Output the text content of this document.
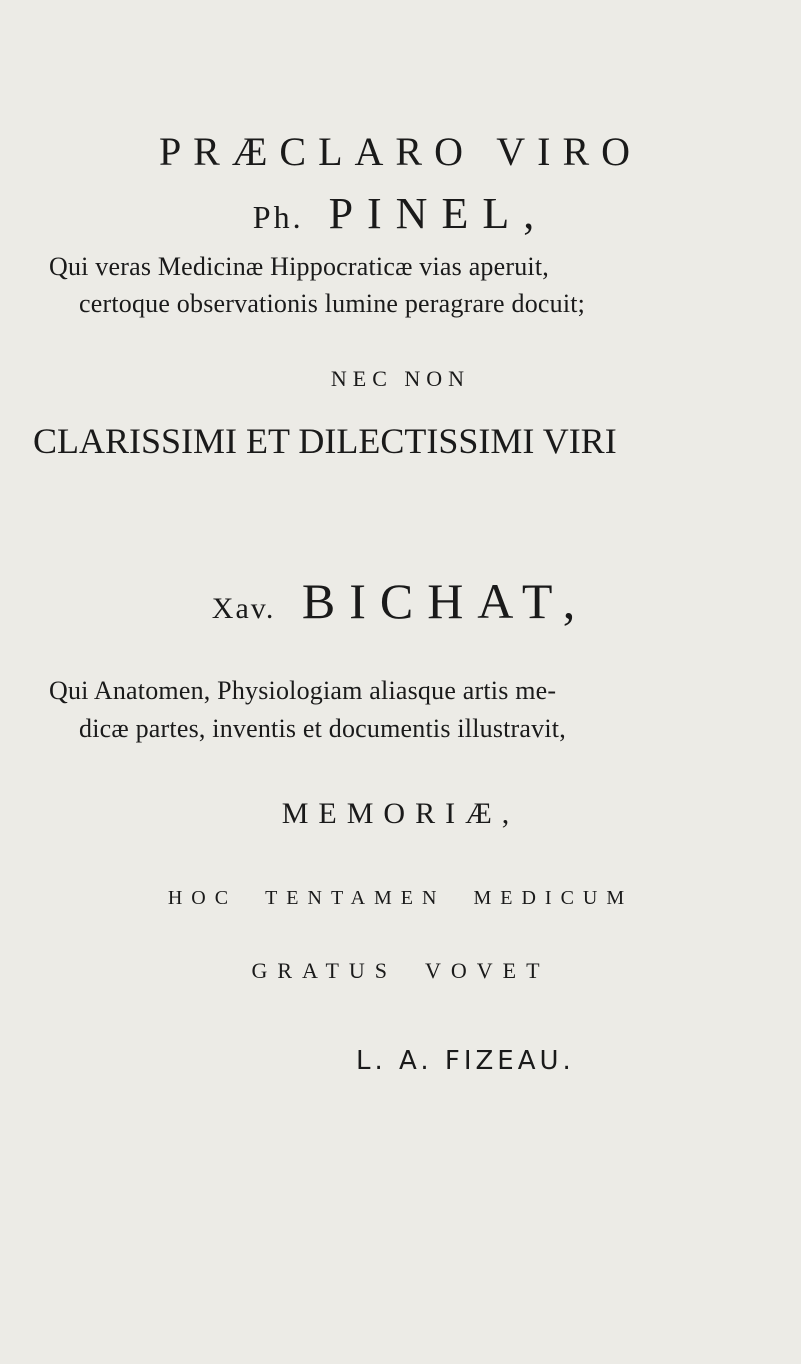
PRÆCLARO VIRO
Ph. PINEL,
Qui veras Medicinæ Hippocraticæ vias aperuit,
certoque observationis lumine peragrare docuit;
NEC NON
CLARISSIMI ET DILECTISSIMI VIRI
Xav. BICHAT,
Qui Anatomen, Physiologiam aliasque artis me-
dicæ partes, inventis et documentis illustravit,
MEMORIÆ,
HOC TENTAMEN MEDICUM
GRATUS VOVET
L. A. FIZEAU.
